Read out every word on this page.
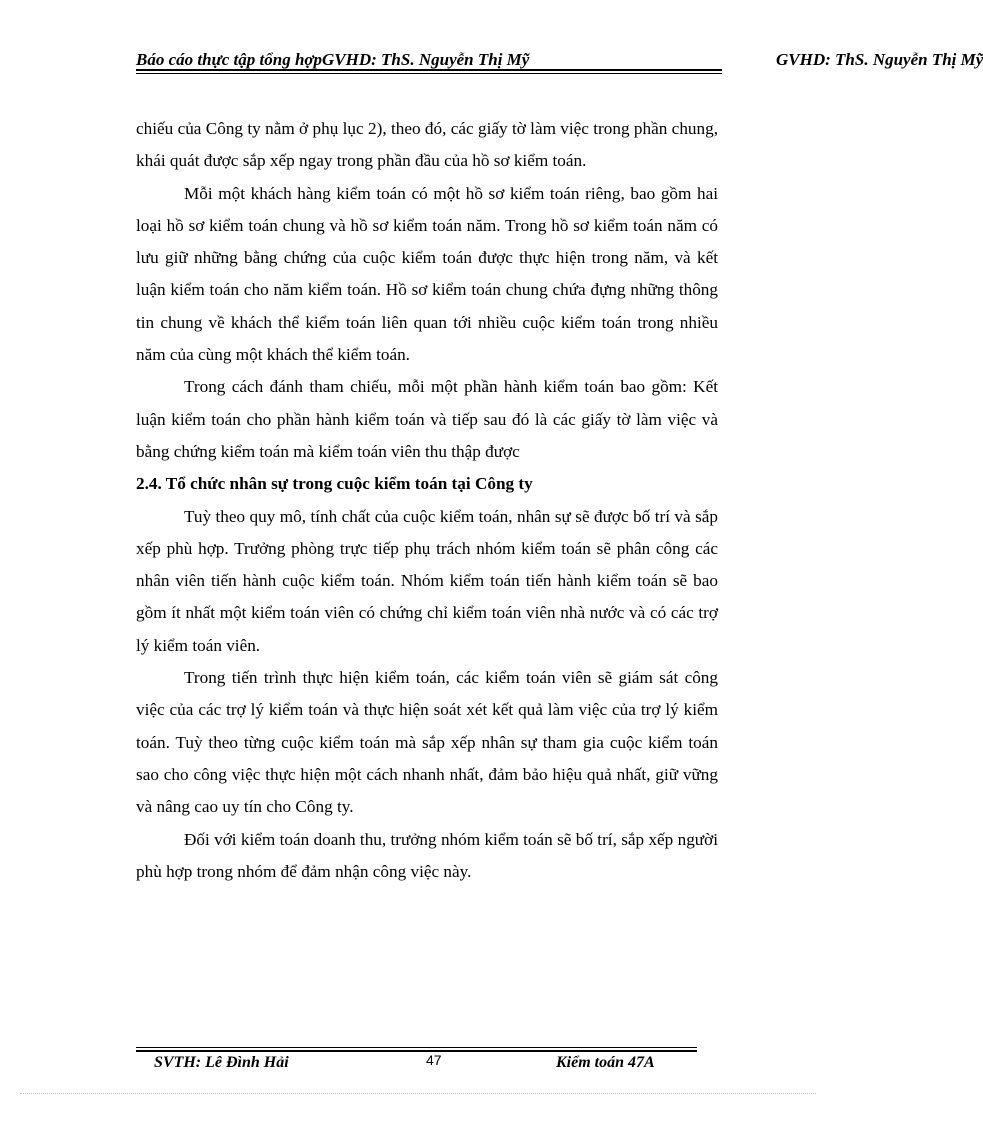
Báo cáo thực tập tổng hợpGVHD: ThS. Nguyễn Thị Mỹ	GVHD: ThS. Nguyễn Thị Mỹ

chiếu của Công ty nằm ở phụ lục 2), theo đó, các giấy tờ làm việc trong phần chung, khái quát được sắp xếp ngay trong phần đầu của hồ sơ kiểm toán.

Mỗi một khách hàng kiểm toán có một hồ sơ kiểm toán riêng, bao gồm hai loại hồ sơ kiểm toán chung và hồ sơ kiểm toán năm. Trong hồ sơ kiểm toán năm có lưu giữ những bằng chứng của cuộc kiểm toán được thực hiện trong năm, và kết luận kiểm toán cho năm kiểm toán. Hồ sơ kiểm toán chung chứa đựng những thông tin chung về khách thể kiểm toán liên quan tới nhiều cuộc kiểm toán trong nhiều năm của cùng một khách thể kiểm toán.

Trong cách đánh tham chiếu, mỗi một phần hành kiểm toán bao gồm: Kết luận kiểm toán cho phần hành kiểm toán và tiếp sau đó là các giấy tờ làm việc và bằng chứng kiểm toán mà kiểm toán viên thu thập được

2.4. Tổ chức nhân sự trong cuộc kiểm toán tại Công ty

Tuỳ theo quy mô, tính chất của cuộc kiểm toán, nhân sự sẽ được bố trí và sắp xếp phù hợp. Trưởng phòng trực tiếp phụ trách nhóm kiểm toán sẽ phân công các nhân viên tiến hành cuộc kiểm toán. Nhóm kiểm toán tiến hành kiểm toán sẽ bao gồm ít nhất một kiểm toán viên có chứng chỉ kiểm toán viên nhà nước và có các trợ lý kiểm toán viên.

Trong tiến trình thực hiện kiểm toán, các kiểm toán viên sẽ giám sát công việc của các trợ lý kiểm toán và thực hiện soát xét kết quả làm việc của trợ lý kiểm toán. Tuỳ theo từng cuộc kiểm toán mà sắp xếp nhân sự tham gia cuộc kiểm toán sao cho công việc thực hiện một cách nhanh nhất, đảm bảo hiệu quả nhất, giữ vững và nâng cao uy tín cho Công ty.

Đối với kiểm toán doanh thu, trưởng nhóm kiểm toán sẽ bố trí, sắp xếp người phù hợp trong nhóm để đảm nhận công việc này.

SVTH: Lê Đình Hải	47	Kiểm toán 47A
